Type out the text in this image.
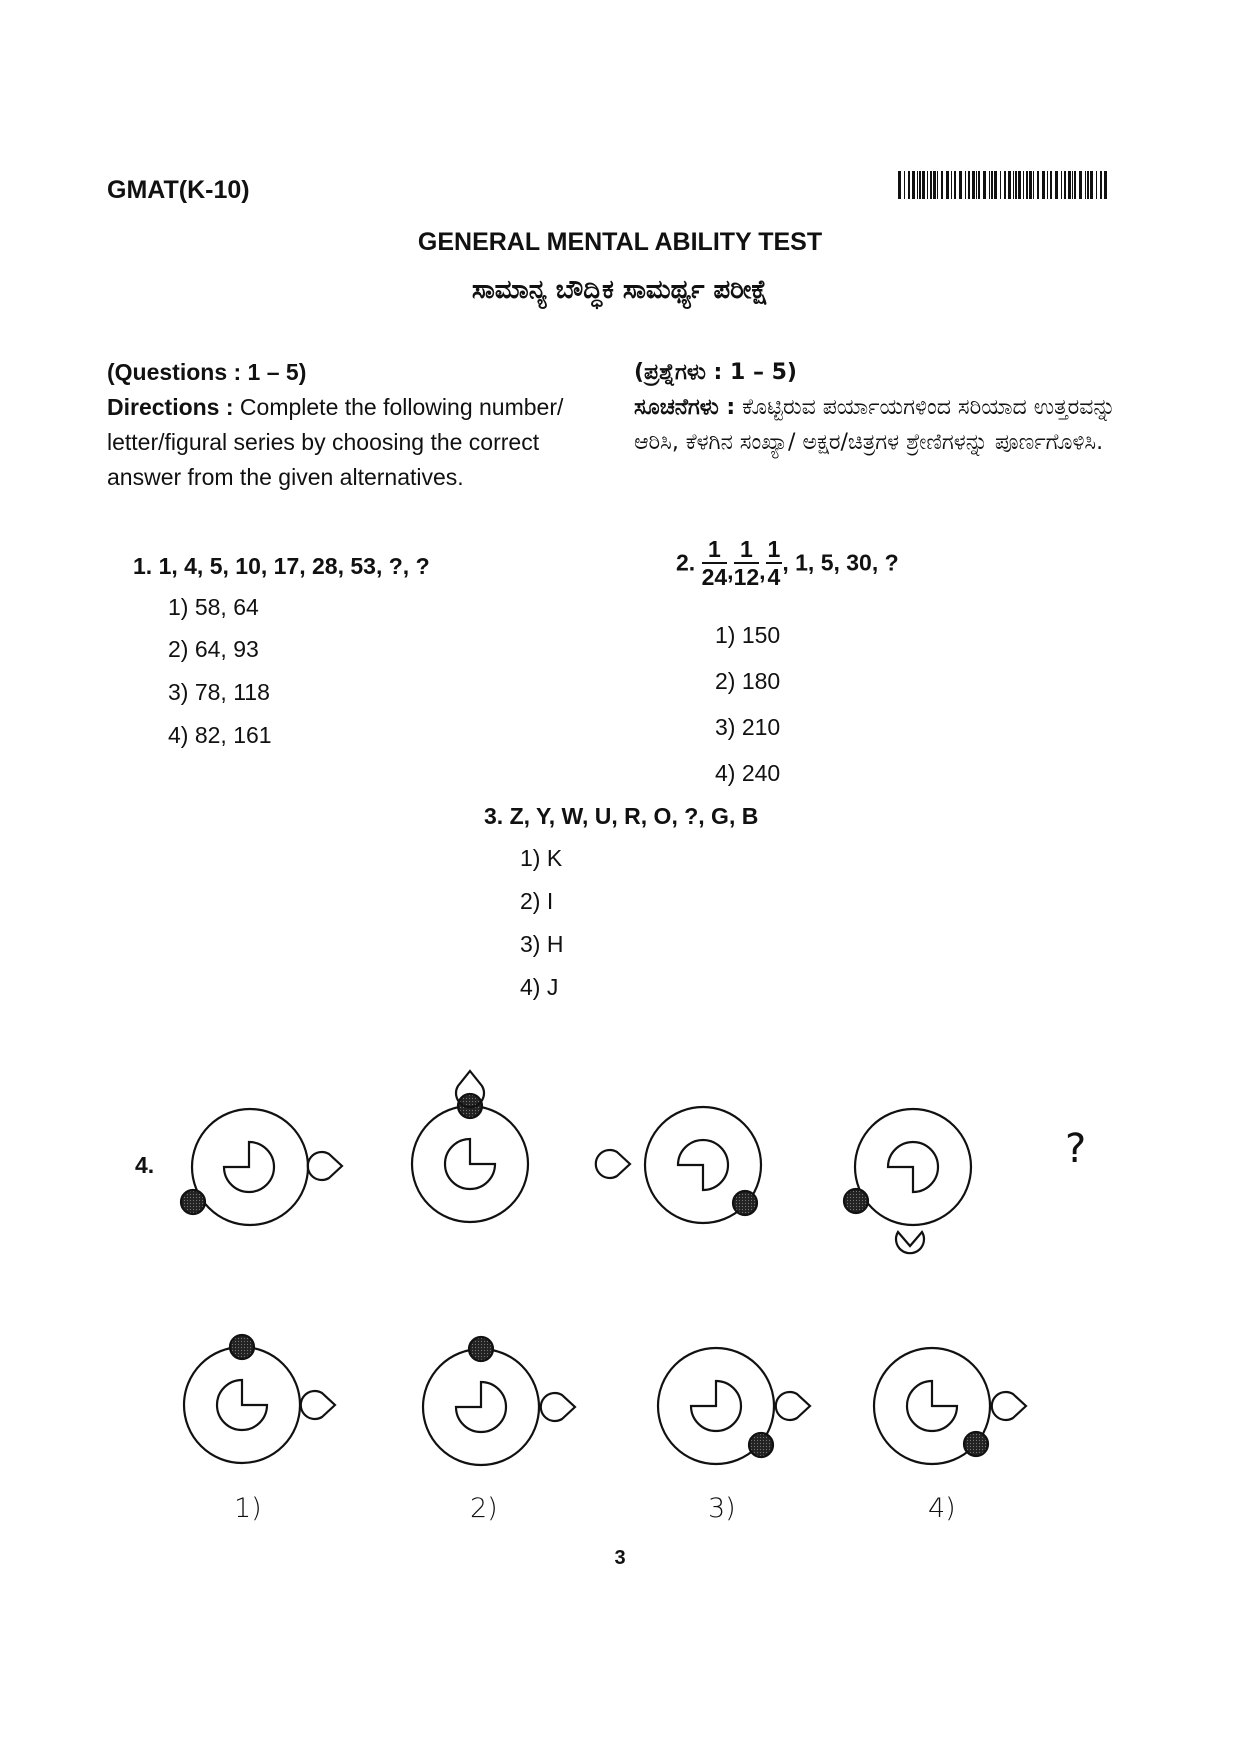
GMAT(K-10)
GENERAL MENTAL ABILITY TEST
ಸಾಮಾನ್ಯ ಬೌದ್ಧಿಕ ಸಾಮರ್ಥ್ಯ ಪರೀಕ್ಷೆ
(Questions : 1 – 5)
Directions : Complete the following number/ letter/figural series by choosing the correct answer from the given alternatives.
(ಪ್ರಶ್ನೆಗಳು : 1 – 5)
ಸೂಚನೆಗಳು : ಕೊಟ್ಟಿರುವ ಪರ್ಯಾಯಗಳಿಂದ ಸರಿಯಾದ ಉತ್ತರವನ್ನು ಆರಿಸಿ, ಕೆಳಗಿನ ಸಂಖ್ಯಾ/ ಅಕ್ಷರ/ಚಿತ್ರಗಳ ಶ್ರೇಣಿಗಳನ್ನು ಪೂರ್ಣಗೊಳಿಸಿ.
1. 1, 4, 5, 10, 17, 28, 53, ?, ?
1) 58, 64
2) 64, 93
3) 78, 118
4) 82, 161
2. $\frac{1}{24}$ , $\frac{1}{12}$ , $\frac{1}{4}$ , 1, 5, 30, ?
1) 150
2) 180
3) 210
4) 240
3. Z, Y, W, U, R, O, ?, G, B
1) K
2) I
3) H
4) J
4.	?
1)	2)	3)	4)
3
